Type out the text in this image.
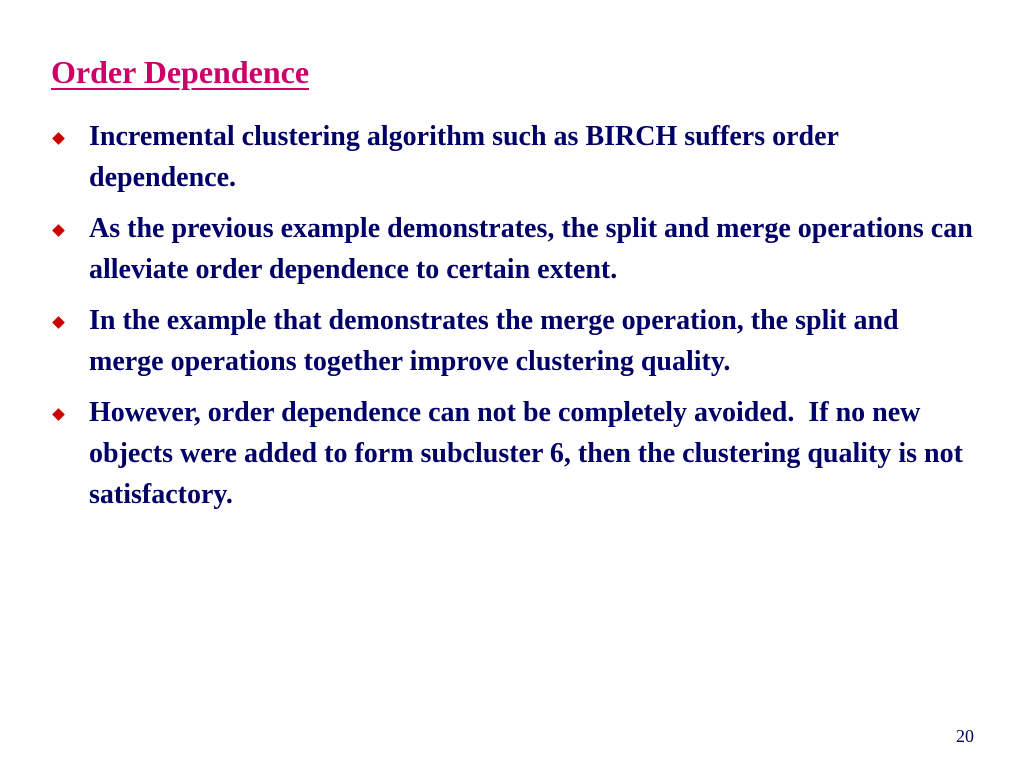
Order Dependence
Incremental clustering algorithm such as BIRCH suffers order dependence.
As the previous example demonstrates, the split and merge operations can alleviate order dependence to certain extent.
In the example that demonstrates the merge operation, the split and merge operations together improve clustering quality.
However, order dependence can not be completely avoided.  If no new objects were added to form subcluster 6, then the clustering quality is not satisfactory.
20
